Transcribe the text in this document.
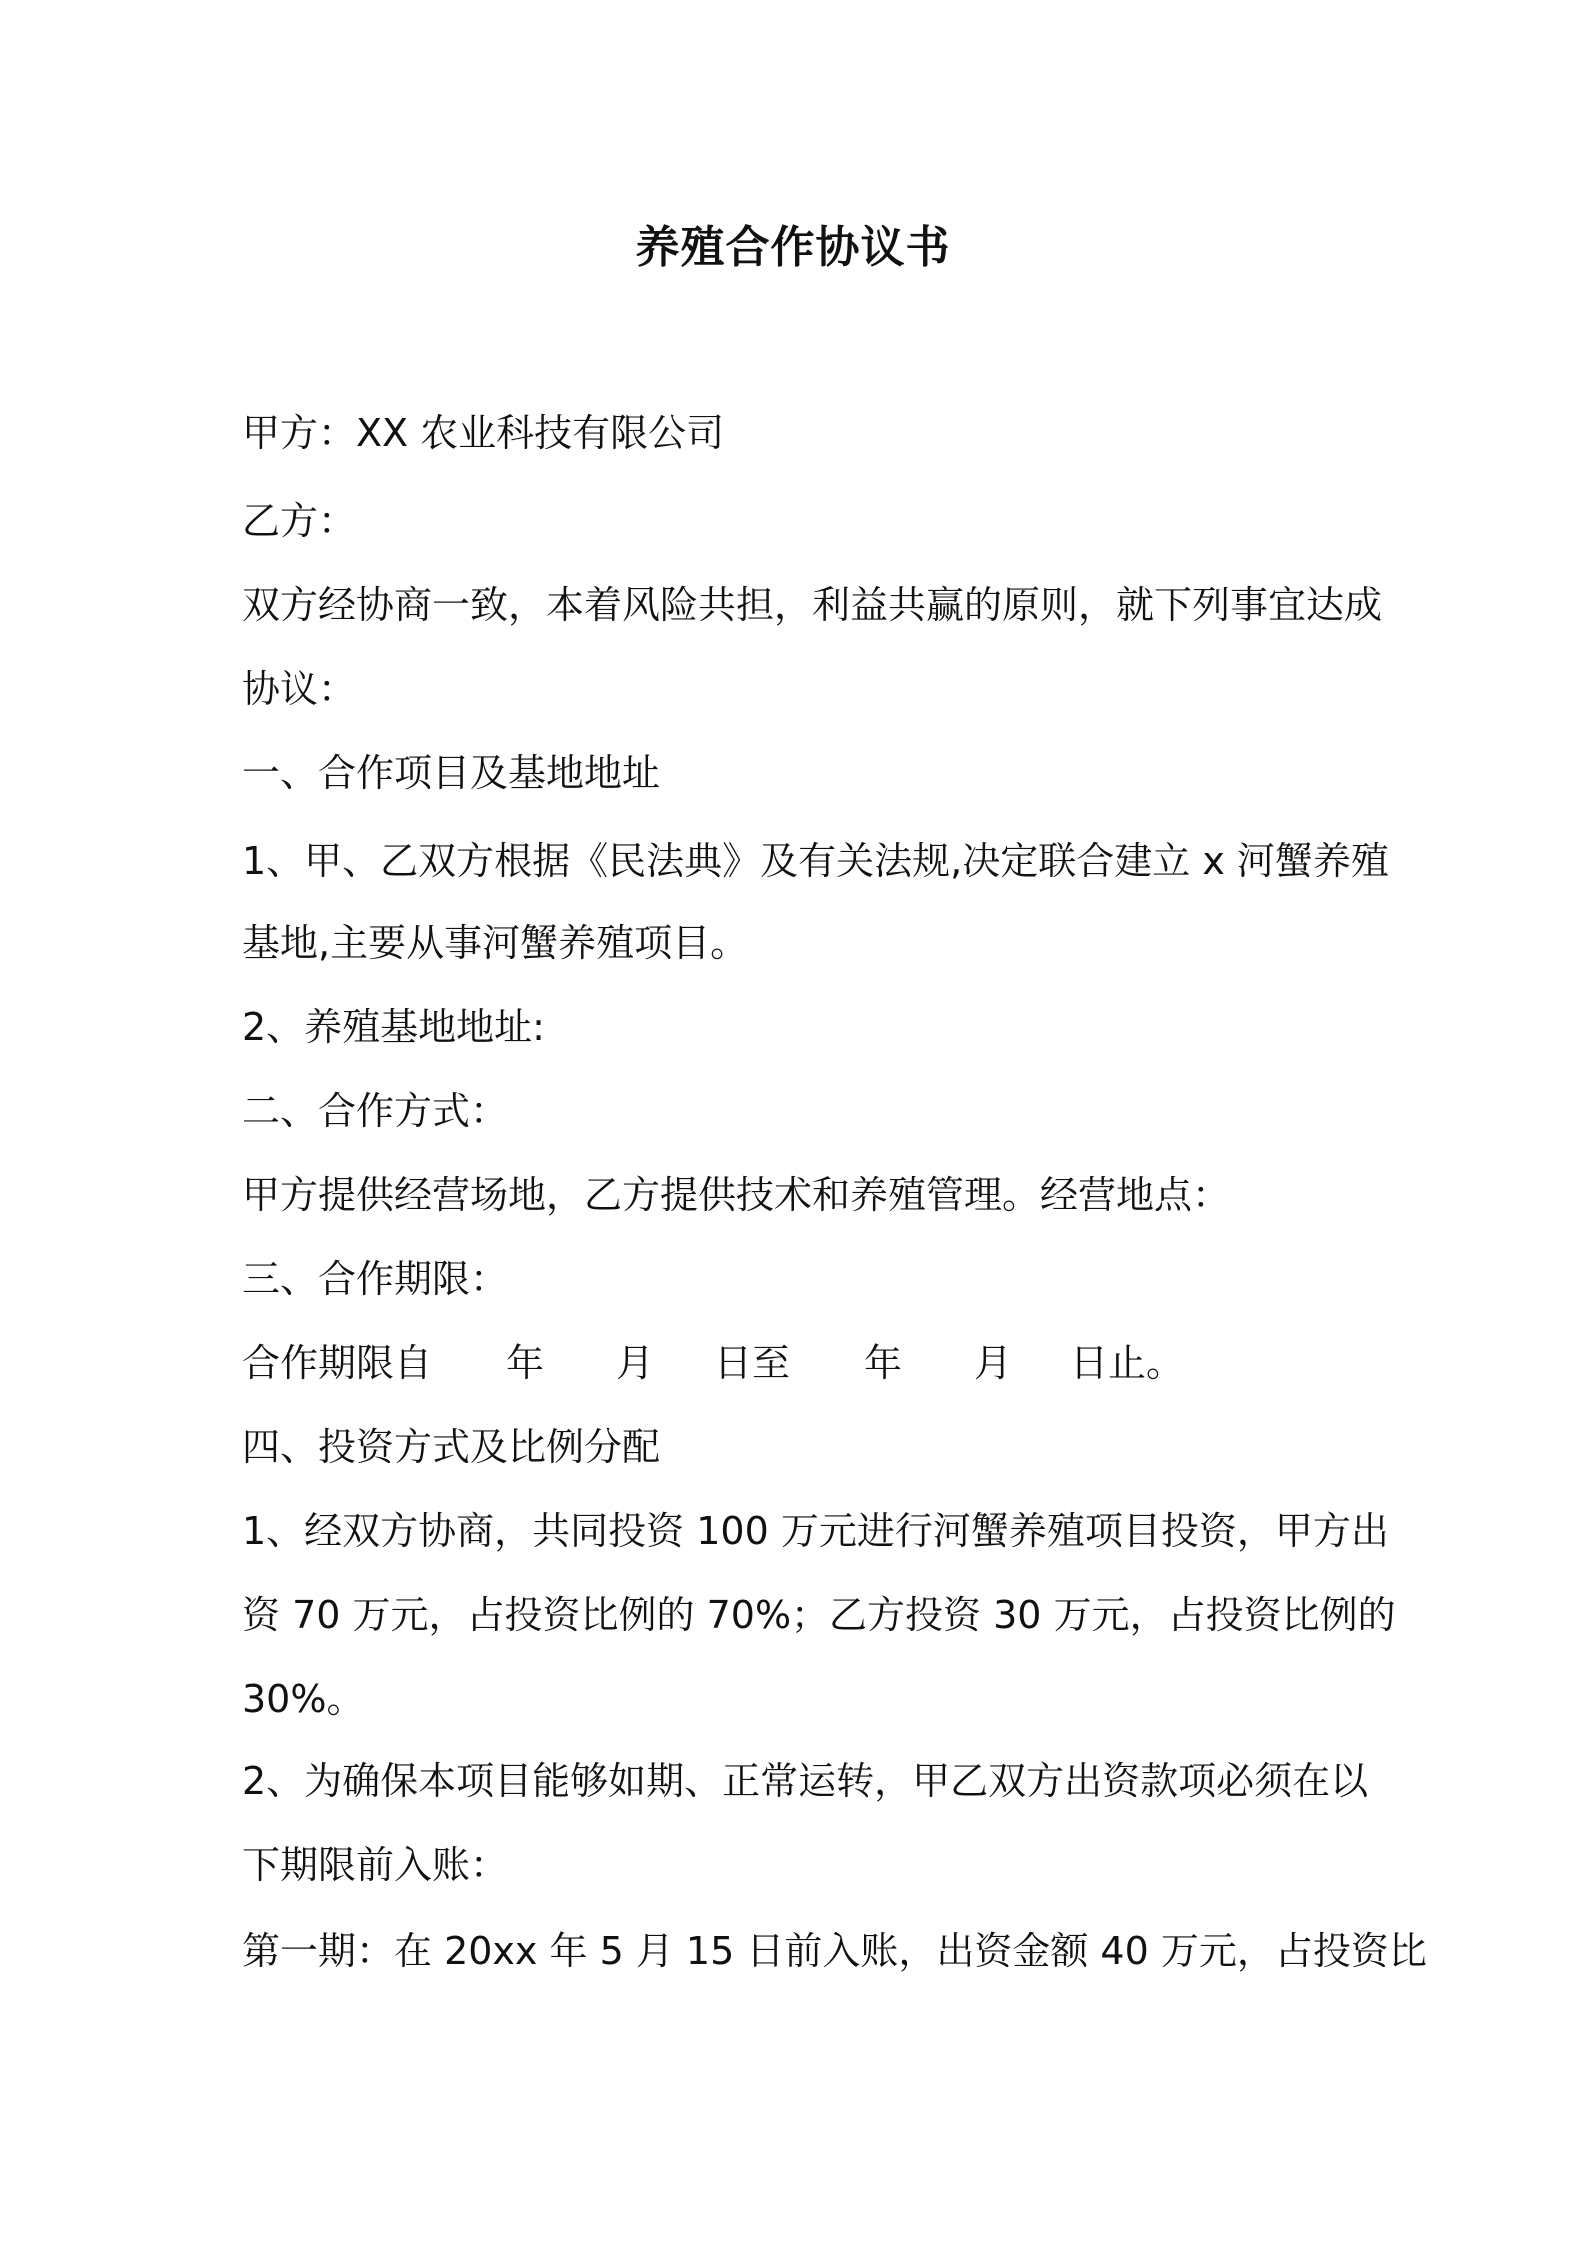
养殖合作协议书
甲方：XX 农业科技有限公司
乙方：
双方经协商一致，本着风险共担，利益共赢的原则，就下列事宜达成
协议：
一、合作项目及基地地址
1、甲、乙双方根据《民法典》及有关法规,决定联合建立 x 河蟹养殖
基地,主要从事河蟹养殖项目。
2、养殖基地地址:
二、合作方式：
甲方提供经营场地，乙方提供技术和养殖管理。经营地点：
三、合作期限：
合作期限自 年 月 日至 年 月 日止。
四、投资方式及比例分配
1、经双方协商，共同投资 100 万元进行河蟹养殖项目投资，甲方出
资 70 万元，占投资比例的 70%；乙方投资 30 万元，占投资比例的
30%。
2、为确保本项目能够如期、正常运转，甲乙双方出资款项必须在以
下期限前入账：
第一期：在 20xx 年 5 月 15 日前入账，出资金额 40 万元，占投资比
